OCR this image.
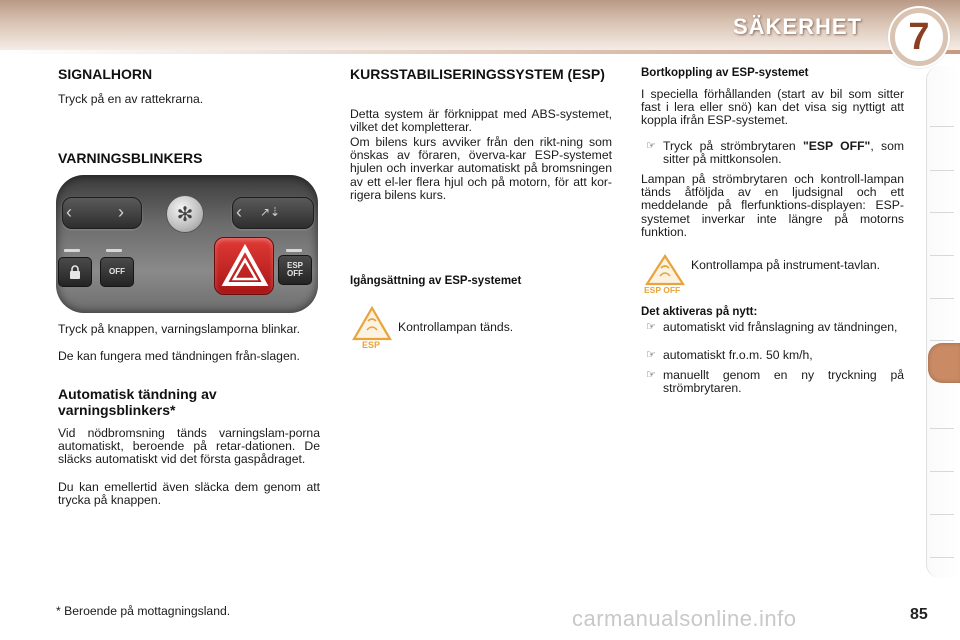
SÄKERHET	7
SIGNALHORN
Tryck på en av rattekrarna.
VARNINGSBLINKERS
‹	›	‹ ↗⇣
✻
OFF
ESP
OFF
Tryck på knappen, varningslamporna blinkar.
De kan fungera med tändningen från-slagen.
Automatisk tändning av varningsblinkers*
Vid nödbromsning tänds varningslam-porna automatiskt, beroende på retar-dationen. De släcks automatiskt vid det första gaspådraget.
Du kan emellertid även släcka dem genom att trycka på knappen.
KURSSTABILISERINGSSYSTEM (ESP)
Detta system är förknippat med ABS-systemet, vilket det kompletterar.
Om bilens kurs avviker från den rikt-ning som önskas av föraren, överva-kar ESP-systemet hjulen och inverkar automatiskt på bromsningen av ett el-ler flera hjul och på motorn, för att kor-rigera bilens kurs.
Igångsättning av ESP-systemet
ESP
Kontrollampan tänds.
Bortkoppling av ESP-systemet
I speciella förhållanden (start av bil som sitter fast i lera eller snö) kan det visa sig nyttigt att koppla ifrån ESP-systemet.
☞ Tryck på strömbrytaren "ESP OFF", som sitter på mittkonsolen.
Lampan på strömbrytaren och kontroll-lampan tänds åtföljda av en ljudsignal och ett meddelande på flerfunktions-displayen: ESP-systemet inverkar inte längre på motorns funktion.
ESP OFF
Kontrollampa på instrument-tavlan.
Det aktiveras på nytt:
☞ automatiskt vid frånslagning av tändningen,
☞ automatiskt fr.o.m. 50 km/h,
☞ manuellt genom en ny tryckning på strömbrytaren.
* Beroende på mottagningsland.	carmanualsonline.info	85
